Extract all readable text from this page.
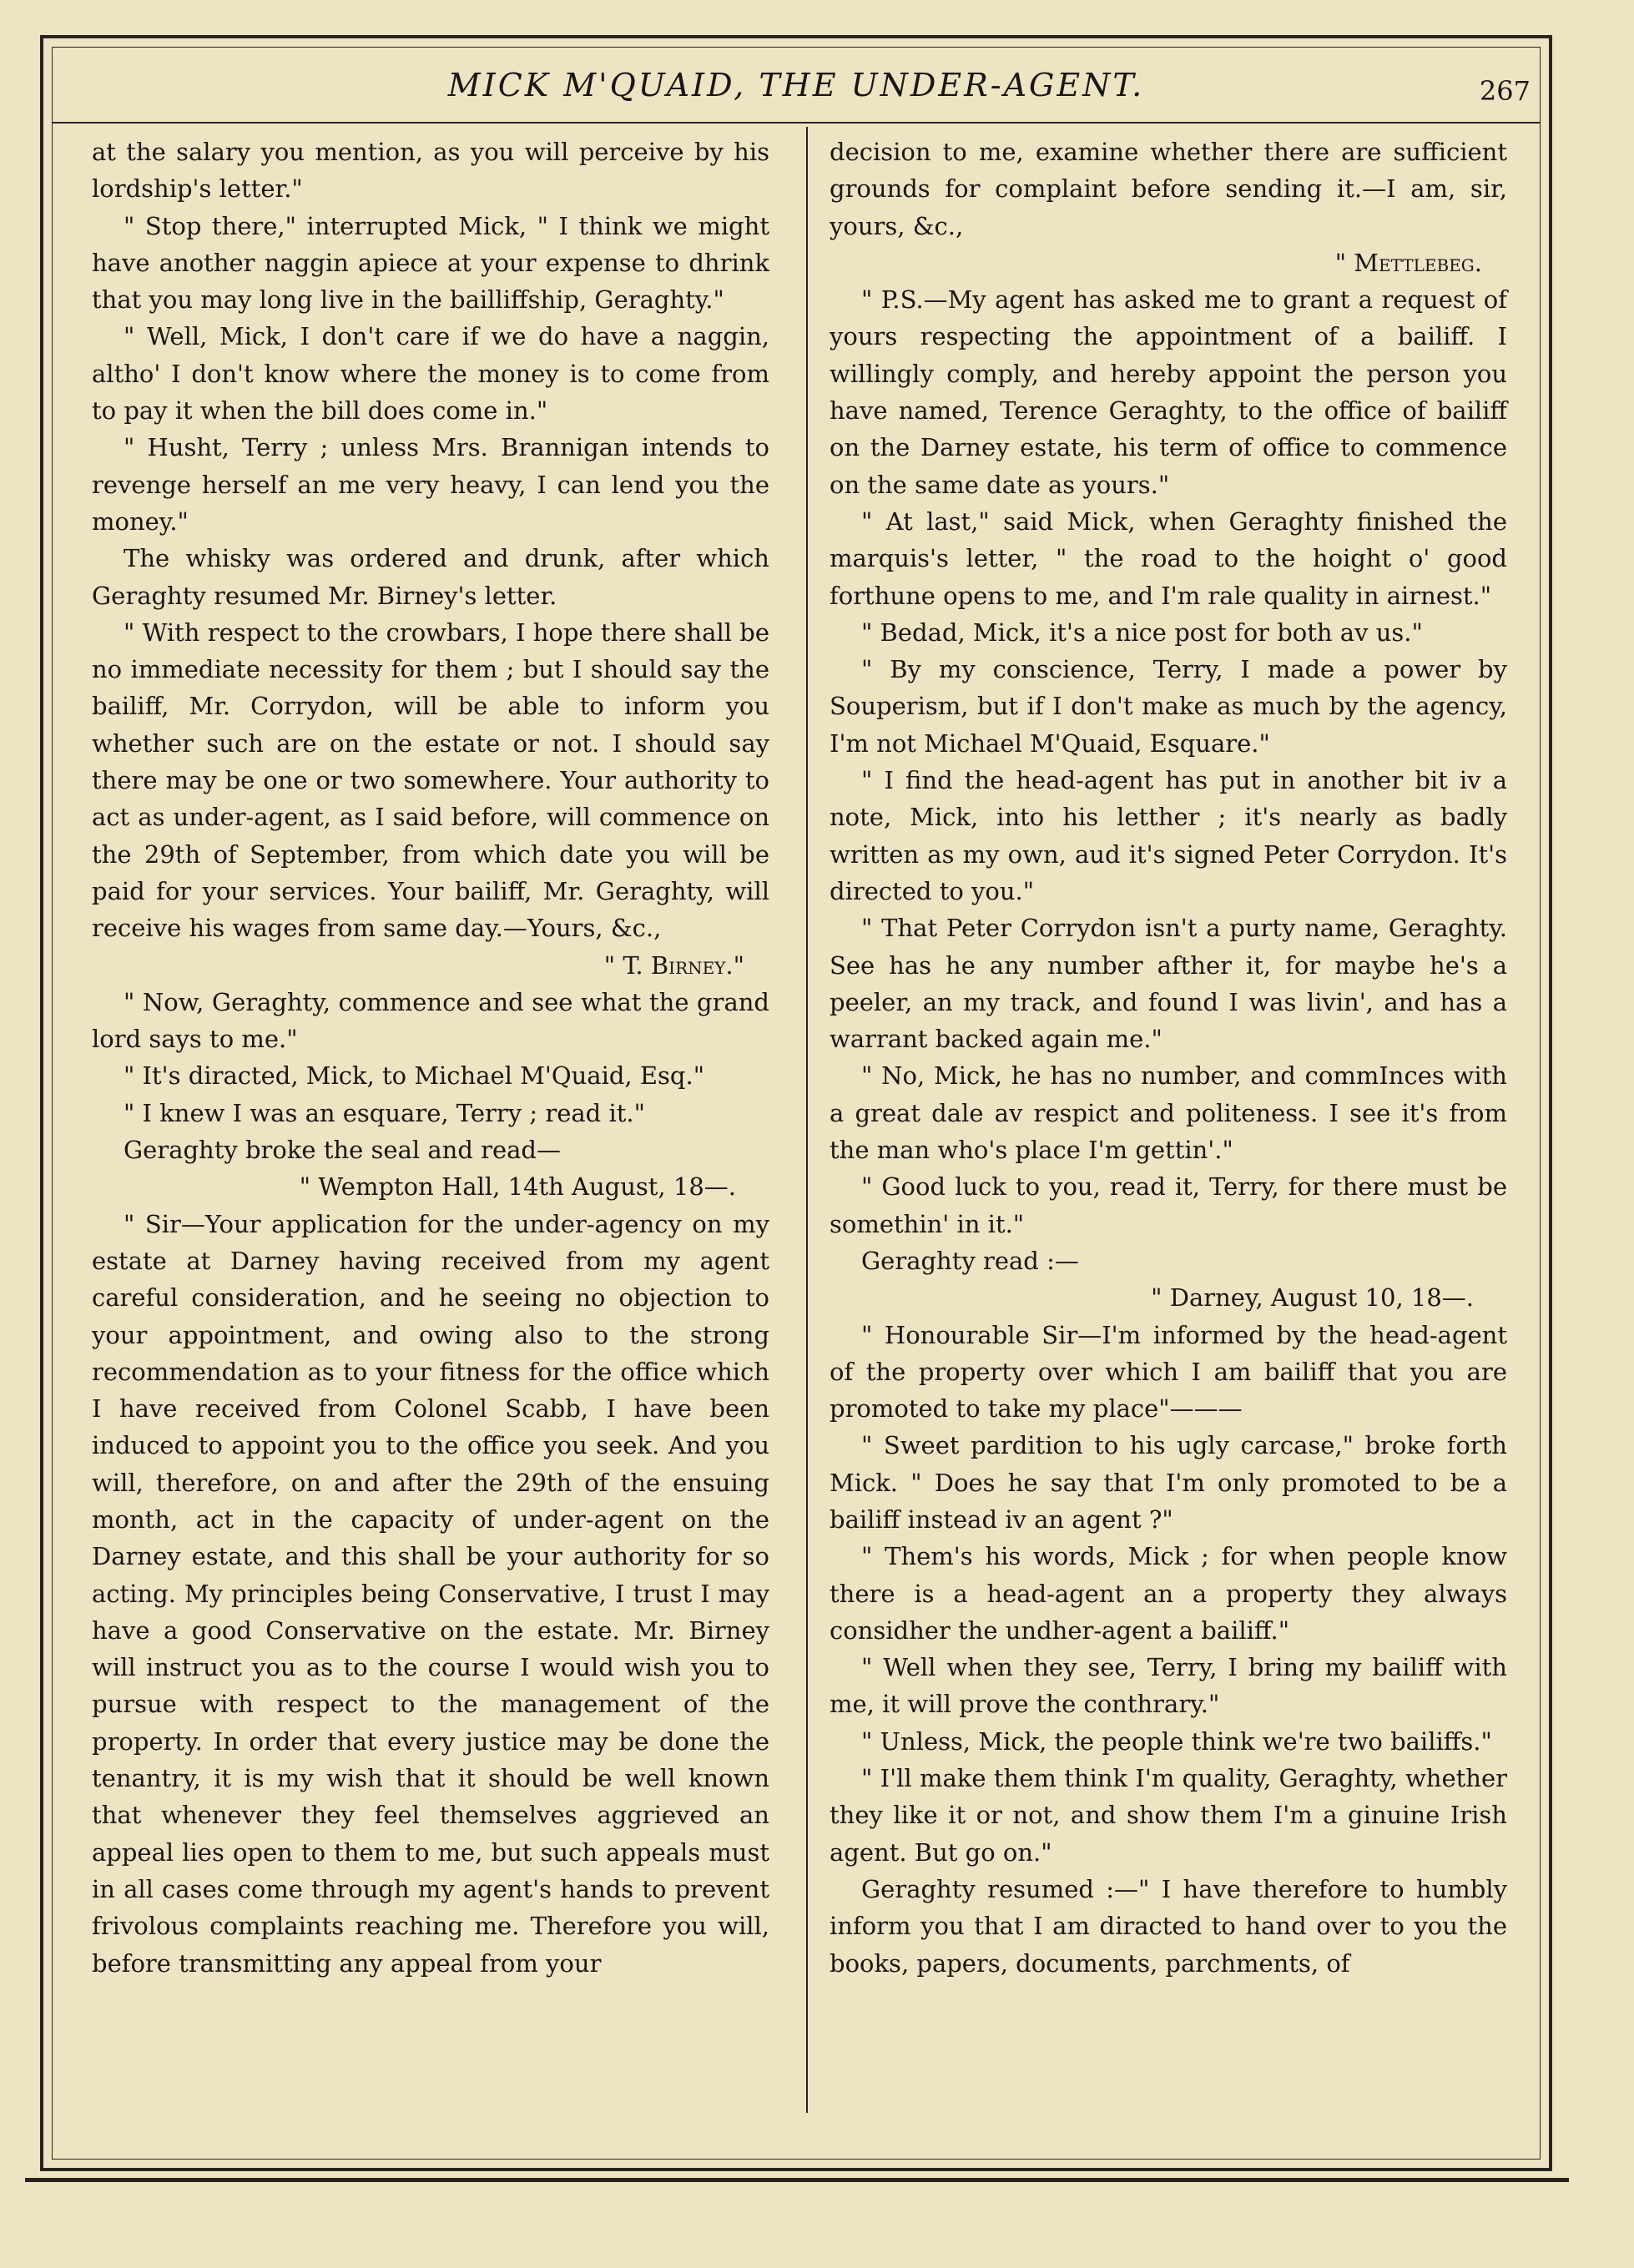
MICK M'QUAID, THE UNDER-AGENT.	267

at the salary you mention, as you will perceive by his lordship's letter."

" Stop there," interrupted Mick, " I think we might have another naggin apiece at your expense to dhrink that you may long live in the bailliffship, Geraghty."

" Well, Mick, I don't care if we do have a naggin, altho' I don't know where the money is to come from to pay it when the bill does come in."

" Husht, Terry ; unless Mrs. Brannigan intends to revenge herself an me very heavy, I can lend you the money."

The whisky was ordered and drunk, after which Geraghty resumed Mr. Birney's letter.

" With respect to the crowbars, I hope there shall be no immediate necessity for them ; but I should say the bailiff, Mr. Corrydon, will be able to inform you whether such are on the estate or not. I should say there may be one or two somewhere. Your authority to act as under-agent, as I said before, will commence on the 29th of September, from which date you will be paid for your services. Your bailiff, Mr. Geraghty, will receive his wages from same day.—Yours, &c.,

" T. Birney."

" Now, Geraghty, commence and see what the grand lord says to me."

" It's diracted, Mick, to Michael M'Quaid, Esq."

" I knew I was an esquare, Terry ; read it."

Geraghty broke the seal and read—

" Wempton Hall, 14th August, 18—.

" Sir—Your application for the under-agency on my estate at Darney having received from my agent careful consideration, and he seeing no objection to your appointment, and owing also to the strong recommendation as to your fitness for the office which I have received from Colonel Scabb, I have been induced to appoint you to the office you seek. And you will, therefore, on and after the 29th of the ensuing month, act in the capacity of under-agent on the Darney estate, and this shall be your authority for so acting. My principles being Conservative, I trust I may have a good Conservative on the estate. Mr. Birney will instruct you as to the course I would wish you to pursue with respect to the management of the property. In order that every justice may be done the tenantry, it is my wish that it should be well known that whenever they feel themselves aggrieved an appeal lies open to them to me, but such appeals must in all cases come through my agent's hands to prevent frivolous complaints reaching me. Therefore you will, before transmitting any appeal from your

decision to me, examine whether there are sufficient grounds for complaint before sending it.—I am, sir, yours, &c.,

" Mettlebeg.

" P.S.—My agent has asked me to grant a request of yours respecting the appointment of a bailiff. I willingly comply, and hereby appoint the person you have named, Terence Geraghty, to the office of bailiff on the Darney estate, his term of office to commence on the same date as yours."

" At last," said Mick, when Geraghty finished the marquis's letter, " the road to the hoight o' good forthune opens to me, and I'm rale quality in airnest."

" Bedad, Mick, it's a nice post for both av us."

" By my conscience, Terry, I made a power by Souperism, but if I don't make as much by the agency, I'm not Michael M'Quaid, Esquare."

" I find the head-agent has put in another bit iv a note, Mick, into his letther ; it's nearly as badly written as my own, aud it's signed Peter Corrydon. It's directed to you."

" That Peter Corrydon isn't a purty name, Geraghty. See has he any number afther it, for maybe he's a peeler, an my track, and found I was livin', and has a warrant backed again me."

" No, Mick, he has no number, and commInces with a great dale av respict and politeness. I see it's from the man who's place I'm gettin'."

" Good luck to you, read it, Terry, for there must be somethin' in it."

Geraghty read :—

" Darney, August 10, 18—.

" Honourable Sir—I'm informed by the head-agent of the property over which I am bailiff that you are promoted to take my place"———

" Sweet pardition to his ugly carcase," broke forth Mick. " Does he say that I'm only promoted to be a bailiff instead iv an agent ?"

" Them's his words, Mick ; for when people know there is a head-agent an a property they always considher the undher-agent a bailiff."

" Well when they see, Terry, I bring my bailiff with me, it will prove the conthrary."

" Unless, Mick, the people think we're two bailiffs."

" I'll make them think I'm quality, Geraghty, whether they like it or not, and show them I'm a ginuine Irish agent. But go on."

Geraghty resumed :—" I have therefore to humbly inform you that I am diracted to hand over to you the books, papers, documents, parchments, of
